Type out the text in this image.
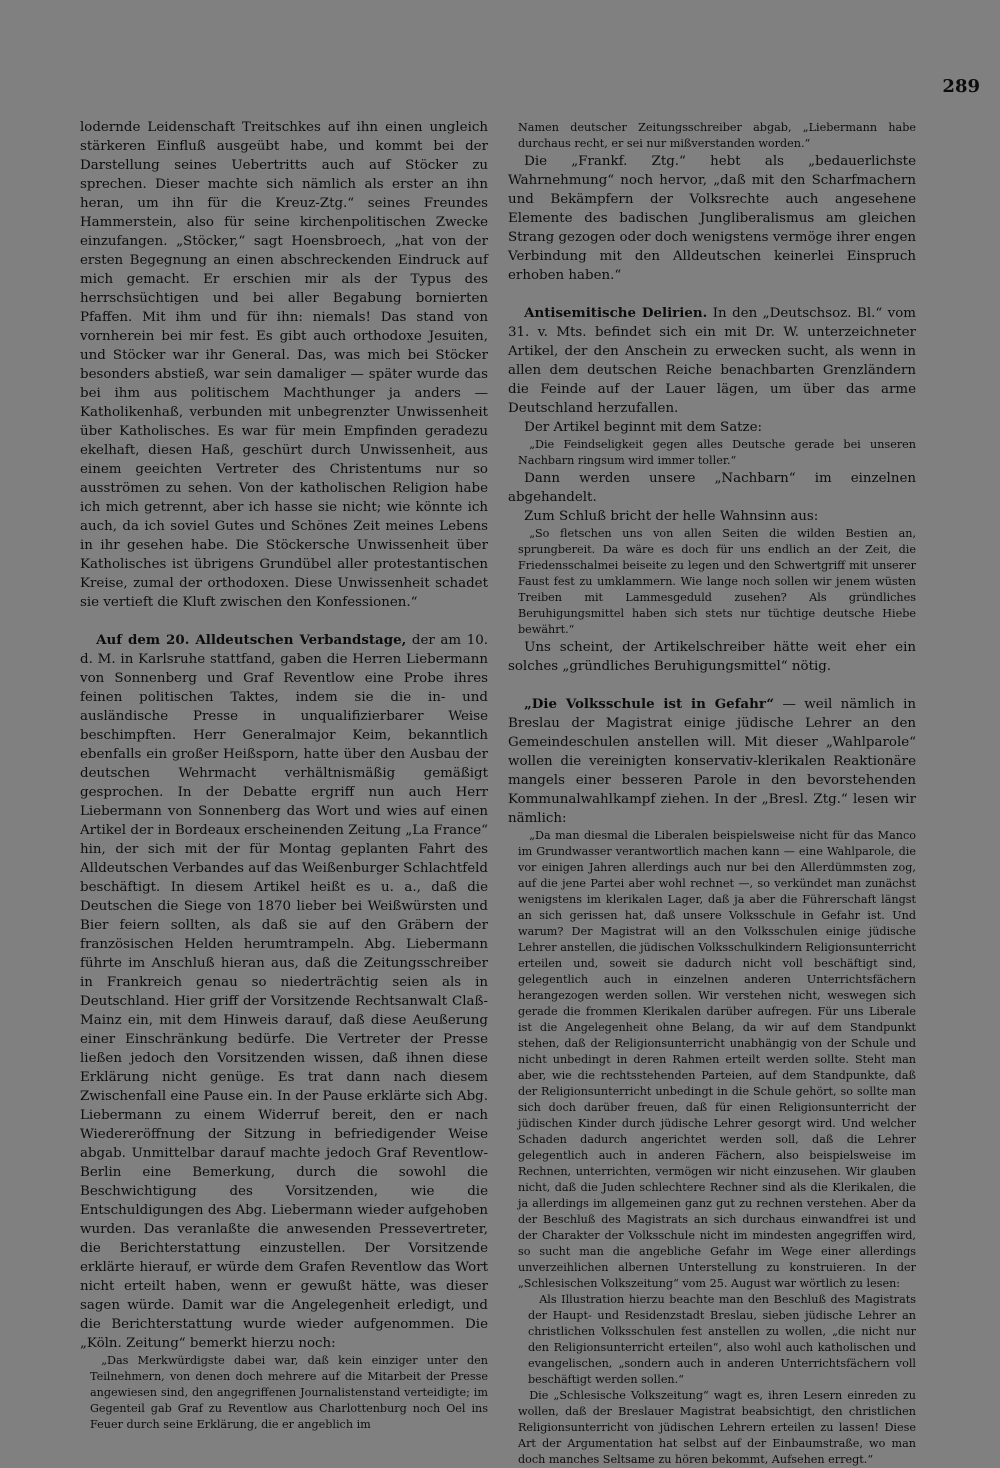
289

lodernde Leidenschaft Treitschkes auf ihn einen ungleich stärkeren Einfluß ausgeübt habe, und kommt bei der Darstellung seines Uebertritts auch auf Stöcker zu sprechen. Dieser machte sich nämlich als erster an ihn heran, um ihn für die Kreuz-Ztg.“ seines Freundes Hammerstein, also für seine kirchenpolitischen Zwecke einzufangen. „Stöcker,“ sagt Hoensbroech, „hat von der ersten Begegnung an einen abschreckenden Eindruck auf mich gemacht. Er erschien mir als der Typus des herrschsüchtigen und bei aller Begabung bornierten Pfaffen. Mit ihm und für ihn: niemals! Das stand von vornherein bei mir fest. Es gibt auch orthodoxe Jesuiten, und Stöcker war ihr General. Das, was mich bei Stöcker besonders abstieß, war sein damaliger — später wurde das bei ihm aus politischem Machthunger ja anders — Katholikenhaß, verbunden mit unbegrenzter Unwissenheit über Katholisches. Es war für mein Empfinden geradezu ekelhaft, diesen Haß, geschürt durch Unwissenheit, aus einem geeichten Vertreter des Christentums nur so ausströmen zu sehen. Von der katholischen Religion habe ich mich getrennt, aber ich hasse sie nicht; wie könnte ich auch, da ich soviel Gutes und Schönes Zeit meines Lebens in ihr gesehen habe. Die Stöckersche Unwissenheit über Katholisches ist übrigens Grundübel aller protestantischen Kreise, zumal der orthodoxen. Diese Unwissenheit schadet sie vertieft die Kluft zwischen den Konfessionen.“

Auf dem 20. Alldeutschen Verbandstage, der am 10. d. M. in Karlsruhe stattfand, gaben die Herren Liebermann von Sonnenberg und Graf Reventlow eine Probe ihres feinen politischen Taktes, indem sie die in- und ausländische Presse in unqualifizierbarer Weise beschimpften. Herr Generalmajor Keim, bekanntlich ebenfalls ein großer Heißsporn, hatte über den Ausbau der deutschen Wehrmacht verhältnismäßig gemäßigt gesprochen. In der Debatte ergriff nun auch Herr Liebermann von Sonnenberg das Wort und wies auf einen Artikel der in Bordeaux erscheinenden Zeitung „La France“ hin, der sich mit der für Montag geplanten Fahrt des Alldeutschen Verbandes auf das Weißenburger Schlachtfeld beschäftigt. In diesem Artikel heißt es u. a., daß die Deutschen die Siege von 1870 lieber bei Weißwürsten und Bier feiern sollten, als daß sie auf den Gräbern der französischen Helden herumtrampeln. Abg. Liebermann führte im Anschluß hieran aus, daß die Zeitungsschreiber in Frankreich genau so niederträchtig seien als in Deutschland. Hier griff der Vorsitzende Rechtsanwalt Claß-Mainz ein, mit dem Hinweis darauf, daß diese Aeußerung einer Einschränkung bedürfe. Die Vertreter der Presse ließen jedoch den Vorsitzenden wissen, daß ihnen diese Erklärung nicht genüge. Es trat dann nach diesem Zwischenfall eine Pause ein. In der Pause erklärte sich Abg. Liebermann zu einem Widerruf bereit, den er nach Wiedereröffnung der Sitzung in befriedigender Weise abgab. Unmittelbar darauf machte jedoch Graf Reventlow-Berlin eine Bemerkung, durch die sowohl die Beschwichtigung des Vorsitzenden, wie die Entschuldigungen des Abg. Liebermann wieder aufgehoben wurden. Das veranlaßte die anwesenden Pressevertreter, die Berichterstattung einzustellen. Der Vorsitzende erklärte hierauf, er würde dem Grafen Reventlow das Wort nicht erteilt haben, wenn er gewußt hätte, was dieser sagen würde. Damit war die Angelegenheit erledigt, und die Berichterstattung wurde wieder aufgenommen. Die „Köln. Zeitung“ bemerkt hierzu noch:

„Das Merkwürdigste dabei war, daß kein einziger unter den Teilnehmern, von denen doch mehrere auf die Mitarbeit der Presse angewiesen sind, den angegriffenen Journalistenstand verteidigte; im Gegenteil gab Graf zu Reventlow aus Charlottenburg noch Oel ins Feuer durch seine Erklärung, die er angeblich im

Namen deutscher Zeitungsschreiber abgab, „Liebermann habe durchaus recht, er sei nur mißverstanden worden.“

Die „Frankf. Ztg.“ hebt als „bedauerlichste Wahrnehmung“ noch hervor, „daß mit den Scharfmachern und Bekämpfern der Volksrechte auch angesehene Elemente des badischen Jungliberalismus am gleichen Strang gezogen oder doch wenigstens vermöge ihrer engen Verbindung mit den Alldeutschen keinerlei Einspruch erhoben haben.“

Antisemitische Delirien. In den „Deutschsoz. Bl.“ vom 31. v. Mts. befindet sich ein mit Dr. W. unterzeichneter Artikel, der den Anschein zu erwecken sucht, als wenn in allen dem deutschen Reiche benachbarten Grenzländern die Feinde auf der Lauer lägen, um über das arme Deutschland herzufallen.

Der Artikel beginnt mit dem Satze:

„Die Feindseligkeit gegen alles Deutsche gerade bei unseren Nachbarn ringsum wird immer toller.“

Dann werden unsere „Nachbarn“ im einzelnen abgehandelt.

Zum Schluß bricht der helle Wahnsinn aus:

„So fletschen uns von allen Seiten die wilden Bestien an, sprungbereit. Da wäre es doch für uns endlich an der Zeit, die Friedensschalmei beiseite zu legen und den Schwertgriff mit unserer Faust fest zu umklammern. Wie lange noch sollen wir jenem wüsten Treiben mit Lammesgeduld zusehen? Als gründliches Beruhigungsmittel haben sich stets nur tüchtige deutsche Hiebe bewährt.“

Uns scheint, der Artikelschreiber hätte weit eher ein solches „gründliches Beruhigungsmittel“ nötig.

„Die Volksschule ist in Gefahr“ — weil nämlich in Breslau der Magistrat einige jüdische Lehrer an den Gemeindeschulen anstellen will. Mit dieser „Wahlparole“ wollen die vereinigten konservativ-klerikalen Reaktionäre mangels einer besseren Parole in den bevorstehenden Kommunalwahlkampf ziehen. In der „Bresl. Ztg.“ lesen wir nämlich:

„Da man diesmal die Liberalen beispielsweise nicht für das Manco im Grundwasser verantwortlich machen kann — eine Wahlparole, die vor einigen Jahren allerdings auch nur bei den Allerdümmsten zog, auf die jene Partei aber wohl rechnet —, so verkündet man zunächst wenigstens im klerikalen Lager, daß ja aber die Führerschaft längst an sich gerissen hat, daß unsere Volksschule in Gefahr ist. Und warum? Der Magistrat will an den Volksschulen einige jüdische Lehrer anstellen, die jüdischen Volksschulkindern Religionsunterricht erteilen und, soweit sie dadurch nicht voll beschäftigt sind, gelegentlich auch in einzelnen anderen Unterrichtsfächern herangezogen werden sollen. Wir verstehen nicht, weswegen sich gerade die frommen Klerikalen darüber aufregen. Für uns Liberale ist die Angelegenheit ohne Belang, da wir auf dem Standpunkt stehen, daß der Religionsunterricht unabhängig von der Schule und nicht unbedingt in deren Rahmen erteilt werden sollte. Steht man aber, wie die rechtsstehenden Parteien, auf dem Standpunkte, daß der Religionsunterricht unbedingt in die Schule gehört, so sollte man sich doch darüber freuen, daß für einen Religionsunterricht der jüdischen Kinder durch jüdische Lehrer gesorgt wird. Und welcher Schaden dadurch angerichtet werden soll, daß die Lehrer gelegentlich auch in anderen Fächern, also beispielsweise im Rechnen, unterrichten, vermögen wir nicht einzusehen. Wir glauben nicht, daß die Juden schlechtere Rechner sind als die Klerikalen, die ja allerdings im allgemeinen ganz gut zu rechnen verstehen. Aber da der Beschluß des Magistrats an sich durchaus einwandfrei ist und der Charakter der Volksschule nicht im mindesten angegriffen wird, so sucht man die angebliche Gefahr im Wege einer allerdings unverzeihlichen albernen Unterstellung zu konstruieren. In der „Schlesischen Volkszeitung“ vom 25. August war wörtlich zu lesen:

Als Illustration hierzu beachte man den Beschluß des Magistrats der Haupt- und Residenzstadt Breslau, sieben jüdische Lehrer an christlichen Volksschulen fest anstellen zu wollen, „die nicht nur den Religionsunterricht erteilen“, also wohl auch katholischen und evangelischen, „sondern auch in anderen Unterrichtsfächern voll beschäftigt werden sollen.“

Die „Schlesische Volkszeitung“ wagt es, ihren Lesern einreden zu wollen, daß der Breslauer Magistrat beabsichtigt, den christlichen Religionsunterricht von jüdischen Lehrern erteilen zu lassen! Diese Art der Argumentation hat selbst auf der Einbaumstraße, wo man doch manches Seltsame zu hören bekommt, Aufsehen erregt.“
